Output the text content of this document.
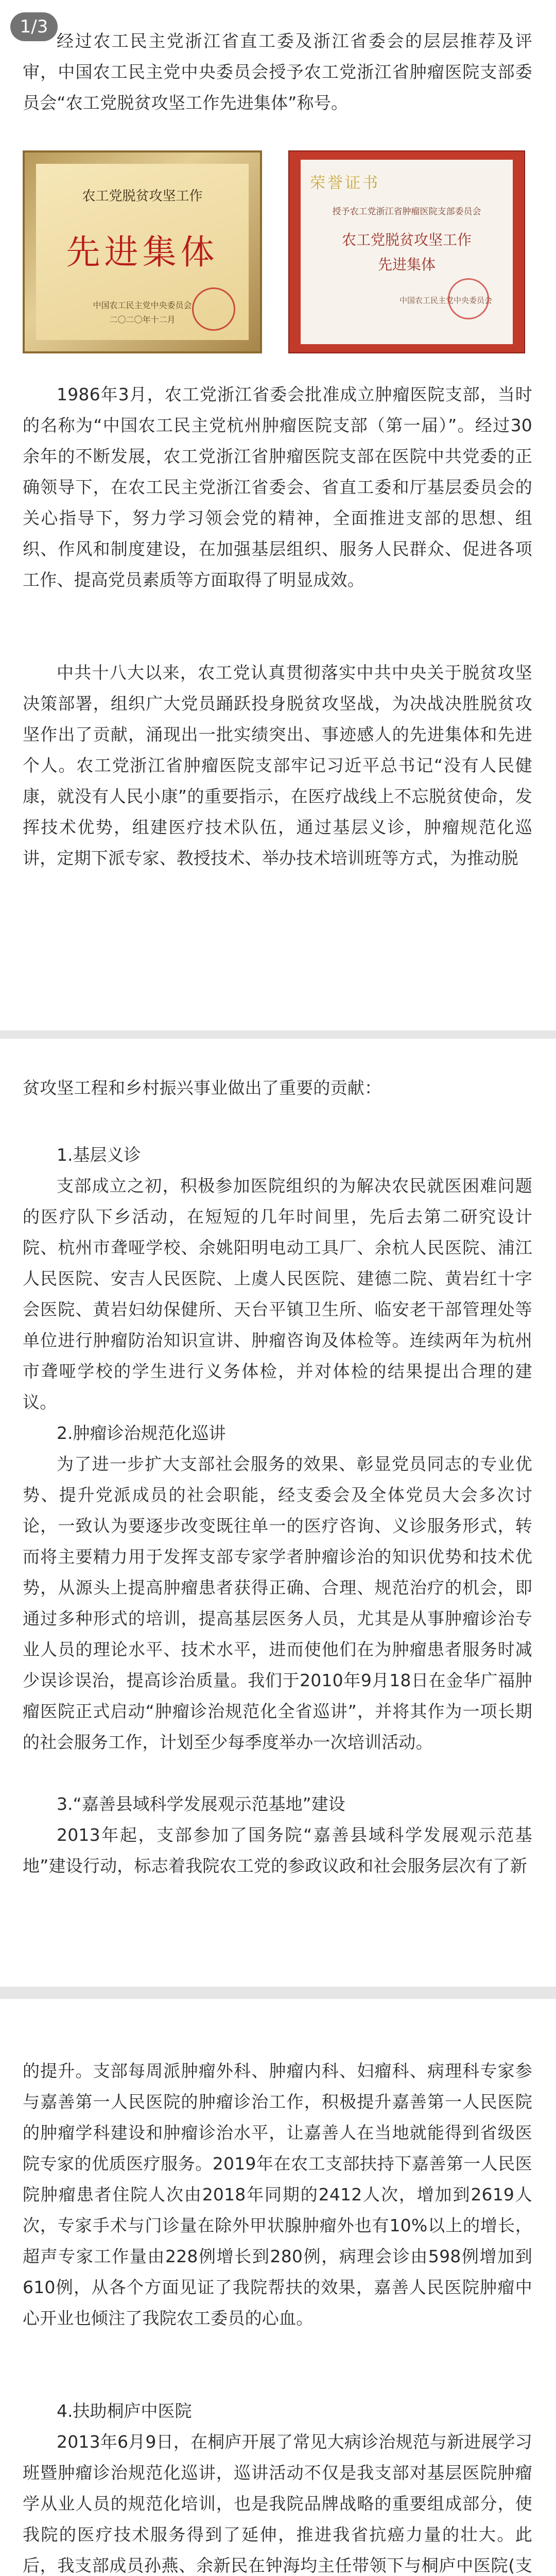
1/3

经过农工民主党浙江省直工委及浙江省委会的层层推荐及评审，中国农工民主党中央委员会授予农工党浙江省肿瘤医院支部委员会“农工党脱贫攻坚工作先进集体”称号。

农工党脱贫攻坚工作
先进集体
中国农工民主党中央委员会
二〇二〇年十二月
荣誉证书
授予农工党浙江省肿瘤医院支部委员会
农工党脱贫攻坚工作
先进集体
中国农工民主党中央委员会

1986年3月，农工党浙江省委会批准成立肿瘤医院支部，当时的名称为“中国农工民主党杭州肿瘤医院支部（第一届）”。经过30余年的不断发展，农工党浙江省肿瘤医院支部在医院中共党委的正确领导下，在农工民主党浙江省委会、省直工委和厅基层委员会的关心指导下，努力学习领会党的精神，全面推进支部的思想、组织、作风和制度建设，在加强基层组织、服务人民群众、促进各项工作、提高党员素质等方面取得了明显成效。

中共十八大以来，农工党认真贯彻落实中共中央关于脱贫攻坚决策部署，组织广大党员踊跃投身脱贫攻坚战，为决战决胜脱贫攻坚作出了贡献，涌现出一批实绩突出、事迹感人的先进集体和先进个人。农工党浙江省肿瘤医院支部牢记习近平总书记“没有人民健康，就没有人民小康”的重要指示，在医疗战线上不忘脱贫使命，发挥技术优势，组建医疗技术队伍，通过基层义诊，肿瘤规范化巡讲，定期下派专家、教授技术、举办技术培训班等方式，为推动脱

贫攻坚工程和乡村振兴事业做出了重要的贡献：

1.基层义诊

支部成立之初，积极参加医院组织的为解决农民就医困难问题的医疗队下乡活动，在短短的几年时间里，先后去第二研究设计院、杭州市聋哑学校、余姚阳明电动工具厂、余杭人民医院、浦江人民医院、安吉人民医院、上虞人民医院、建德二院、黄岩红十字会医院、黄岩妇幼保健所、天台平镇卫生所、临安老干部管理处等单位进行肿瘤防治知识宣讲、肿瘤咨询及体检等。连续两年为杭州市聋哑学校的学生进行义务体检，并对体检的结果提出合理的建议。

2.肿瘤诊治规范化巡讲

为了进一步扩大支部社会服务的效果、彰显党员同志的专业优势、提升党派成员的社会职能，经支委会及全体党员大会多次讨论，一致认为要逐步改变既往单一的医疗咨询、义诊服务形式，转而将主要精力用于发挥支部专家学者肿瘤诊治的知识优势和技术优势，从源头上提高肿瘤患者获得正确、合理、规范治疗的机会，即通过多种形式的培训，提高基层医务人员，尤其是从事肿瘤诊治专业人员的理论水平、技术水平，进而使他们在为肿瘤患者服务时减少误诊误治，提高诊治质量。我们于2010年9月18日在金华广福肿瘤医院正式启动“肿瘤诊治规范化全省巡讲”，并将其作为一项长期的社会服务工作，计划至少每季度举办一次培训活动。

3.“嘉善县域科学发展观示范基地”建设

2013年起，支部参加了国务院“嘉善县域科学发展观示范基地”建设行动，标志着我院农工党的参政议政和社会服务层次有了新

的提升。支部每周派肿瘤外科、肿瘤内科、妇瘤科、病理科专家参与嘉善第一人民医院的肿瘤诊治工作，积极提升嘉善第一人民医院的肿瘤学科建设和肿瘤诊治水平，让嘉善人在当地就能得到省级医院专家的优质医疗服务。2019年在农工支部扶持下嘉善第一人民医院肿瘤患者住院人次由2018年同期的2412人次，增加到2619人次，专家手术与门诊量在除外甲状腺肿瘤外也有10%以上的增长，超声专家工作量由228例增长到280例，病理会诊由598例增加到610例，从各个方面见证了我院帮扶的效果，嘉善人民医院肿瘤中心开业也倾注了我院农工委员的心血。

4.扶助桐庐中医院

2013年6月9日，在桐庐开展了常见大病诊治规范与新进展学习班暨肿瘤诊治规范化巡讲，巡讲活动不仅是我支部对基层医院肿瘤学从业人员的规范化培训，也是我院品牌战略的重要组成部分，使我院的医疗技术服务得到了延伸，推进我省抗癌力量的壮大。此后，我支部成员孙燕、余新民在钟海均主任带领下与桐庐中医院(支
